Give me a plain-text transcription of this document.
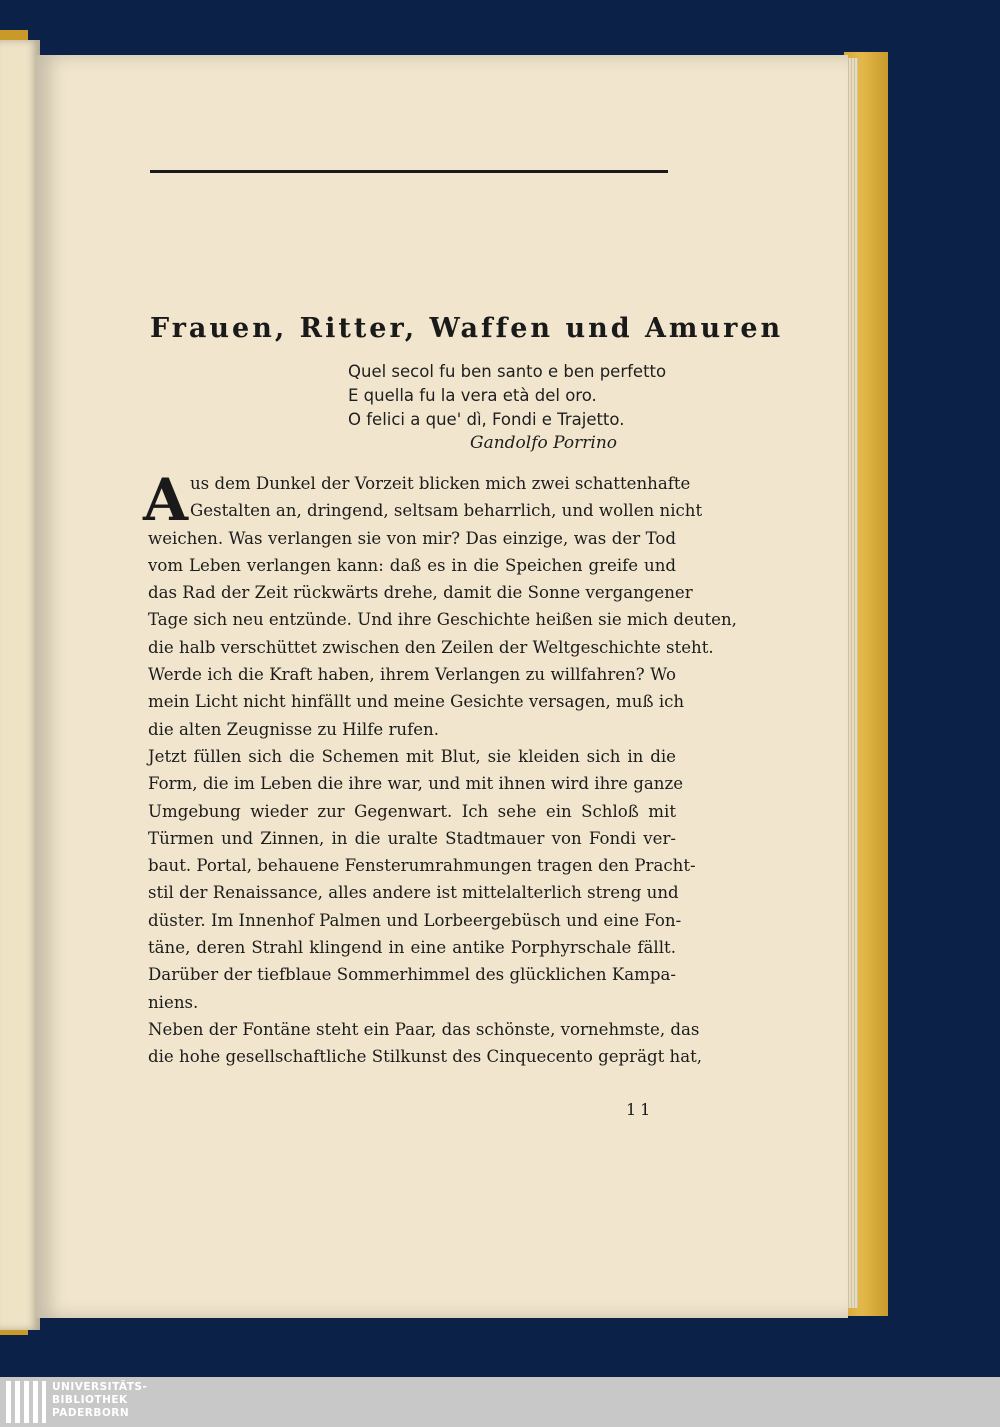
Frauen, Ritter, Waffen und Amuren
Quel secol fu ben santo e ben perfetto
E quella fu la vera età del oro.
O felici a que' dì, Fondi e Trajetto.
Gandolfo Porrino
A us dem Dunkel der Vorzeit blicken mich zwei schattenhafte
Gestalten an, dringend, seltsam beharrlich, und wollen nicht
weichen. Was verlangen sie von mir? Das einzige, was der Tod
vom Leben verlangen kann: daß es in die Speichen greife und
das Rad der Zeit rückwärts drehe, damit die Sonne vergangener
Tage sich neu entzünde. Und ihre Geschichte heißen sie mich deuten,
die halb verschüttet zwischen den Zeilen der Weltgeschichte steht.
Werde ich die Kraft haben, ihrem Verlangen zu willfahren? Wo
mein Licht nicht hinfällt und meine Gesichte versagen, muß ich
die alten Zeugnisse zu Hilfe rufen.
Jetzt füllen sich die Schemen mit Blut, sie kleiden sich in die
Form, die im Leben die ihre war, und mit ihnen wird ihre ganze
Umgebung wieder zur Gegenwart. Ich sehe ein Schloß mit
Türmen und Zinnen, in die uralte Stadtmauer von Fondi ver-
baut. Portal, behauene Fensterumrahmungen tragen den Pracht-
stil der Renaissance, alles andere ist mittelalterlich streng und
düster. Im Innenhof Palmen und Lorbeergebüsch und eine Fon-
täne, deren Strahl klingend in eine antike Porphyrschale fällt.
Darüber der tiefblaue Sommerhimmel des glücklichen Kampa-
niens.
Neben der Fontäne steht ein Paar, das schönste, vornehmste, das
die hohe gesellschaftliche Stilkunst des Cinquecento geprägt hat,
11
UNIVERSITÄTS-
BIBLIOTHEK
PADERBORN
